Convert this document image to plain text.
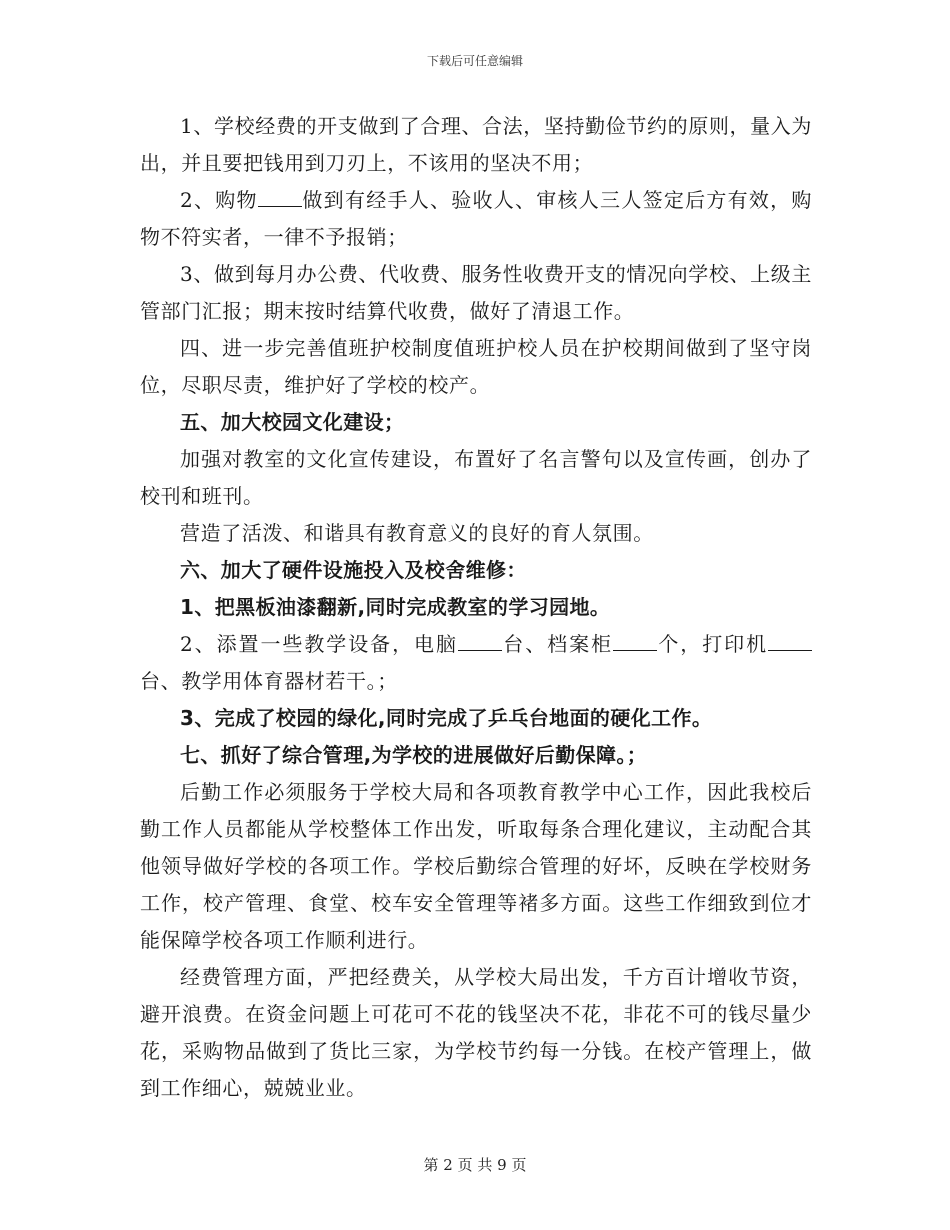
下载后可任意编辑

1、学校经费的开支做到了合理、合法，坚持勤俭节约的原则，量入为出，并且要把钱用到刀刃上，不该用的坚决不用；

2、购物 做到有经手人、验收人、审核人三人签定后方有效，购物不符实者，一律不予报销；

3、做到每月办公费、代收费、服务性收费开支的情况向学校、上级主管部门汇报；期末按时结算代收费，做好了清退工作。

四、进一步完善值班护校制度值班护校人员在护校期间做到了坚守岗位，尽职尽责，维护好了学校的校产。

五、加大校园文化建设；

加强对教室的文化宣传建设，布置好了名言警句以及宣传画，创办了校刊和班刊。

营造了活泼、和谐具有教育意义的良好的育人氛围。

六、加大了硬件设施投入及校舍维修：

1、把黑板油漆翻新,同时完成教室的学习园地。

2、添置一些教学设备，电脑 台、档案柜 个，打印机台、教学用体育器材若干。；

3、完成了校园的绿化,同时完成了乒乓台地面的硬化工作。

七、抓好了综合管理,为学校的进展做好后勤保障。；

后勤工作必须服务于学校大局和各项教育教学中心工作，因此我校后勤工作人员都能从学校整体工作出发，听取每条合理化建议，主动配合其他领导做好学校的各项工作。学校后勤综合管理的好坏，反映在学校财务工作，校产管理、食堂、校车安全管理等褚多方面。这些工作细致到位才能保障学校各项工作顺利进行。

经费管理方面，严把经费关，从学校大局出发，千方百计增收节资，避开浪费。在资金问题上可花可不花的钱坚决不花，非花不可的钱尽量少花，采购物品做到了货比三家，为学校节约每一分钱。在校产管理上，做到工作细心，兢兢业业。

第 2 页 共 9 页
